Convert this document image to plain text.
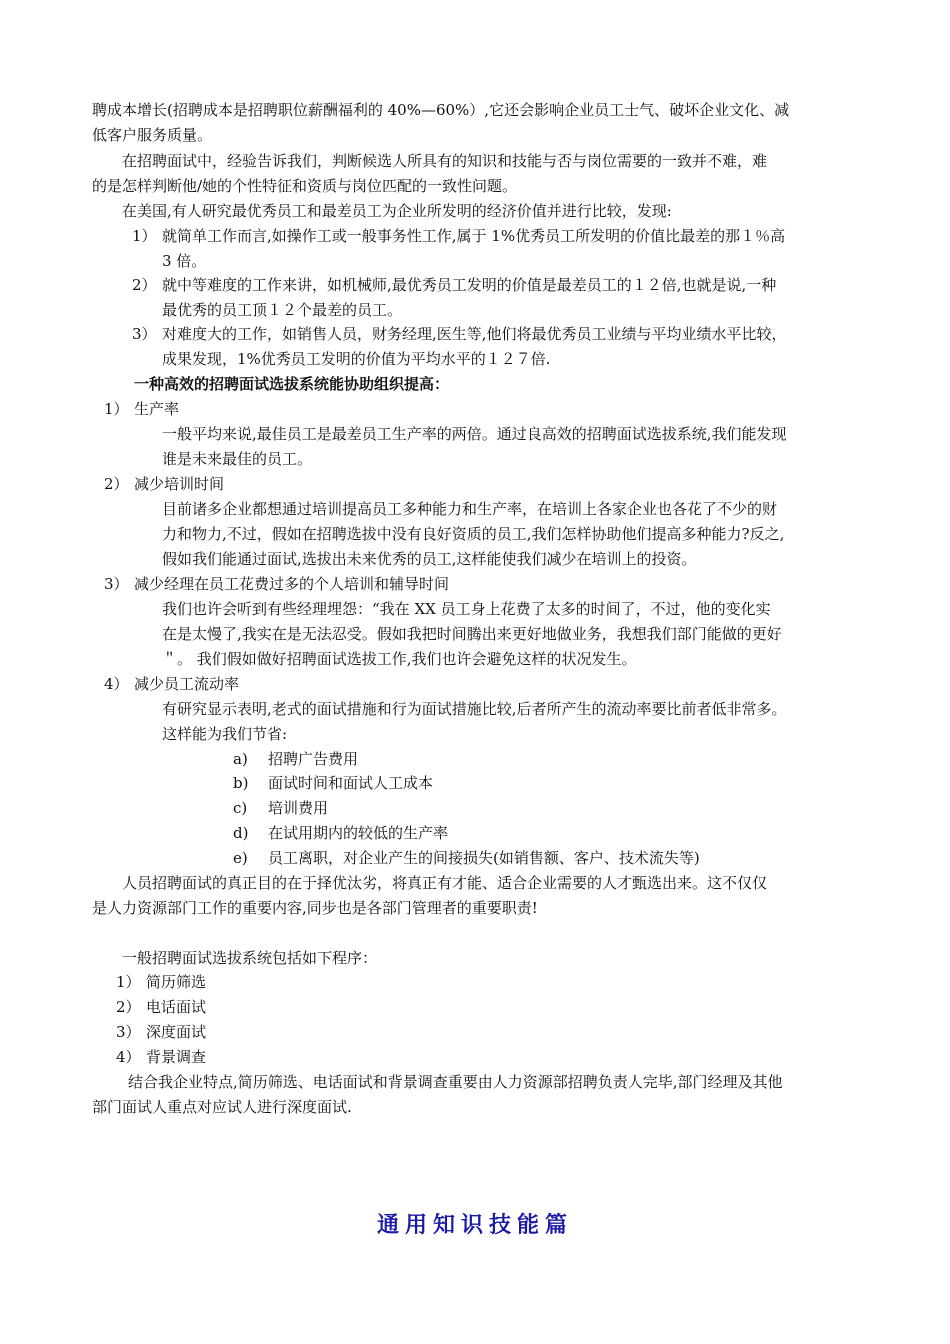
聘成本增长(招聘成本是招聘职位薪酬福利的 40%—60%）,它还会影响企业员工士气、破坏企业文化、减
低客户服务质量。
在招聘面试中，经验告诉我们，判断候选人所具有的知识和技能与否与岗位需要的一致并不难，难
的是怎样判断他/她的个性特征和资质与岗位匹配的一致性问题。
在美国,有人研究最优秀员工和最差员工为企业所发明的经济价值并进行比较，发现:
1） 就简单工作而言,如操作工或一般事务性工作,属于 1%优秀员工所发明的价值比最差的那１％高
3 倍。
2） 就中等难度的工作来讲，如机械师,最优秀员工发明的价值是最差员工的１２倍,也就是说,一种
最优秀的员工顶１２个最差的员工。
3） 对难度大的工作，如销售人员，财务经理,医生等,他们将最优秀员工业绩与平均业绩水平比较，
成果发现，1%优秀员工发明的价值为平均水平的１２７倍.
一种高效的招聘面试选拔系统能协助组织提高：
1） 生产率
一般平均来说,最佳员工是最差员工生产率的两倍。通过良高效的招聘面试选拔系统,我们能发现
谁是未来最佳的员工。
2） 减少培训时间
目前诸多企业都想通过培训提高员工多种能力和生产率，在培训上各家企业也各花了不少的财
力和物力,不过，假如在招聘选拔中没有良好资质的员工,我们怎样协助他们提高多种能力?反之,
假如我们能通过面试,选拔出未来优秀的员工,这样能使我们减少在培训上的投资。
3） 减少经理在员工花费过多的个人培训和辅导时间
我们也许会听到有些经理埋怨：“我在 XX 员工身上花费了太多的时间了，不过，他的变化实
在是太慢了,我实在是无法忍受。假如我把时间腾出来更好地做业务，我想我们部门能做的更好
＂。 我们假如做好招聘面试选拔工作,我们也许会避免这样的状况发生。
4） 减少员工流动率
有研究显示表明,老式的面试措施和行为面试措施比较,后者所产生的流动率要比前者低非常多。
这样能为我们节省:
a)	招聘广告费用
b)	面试时间和面试人工成本
c)	培训费用
d)	在试用期内的较低的生产率
e)	员工离职，对企业产生的间接损失(如销售额、客户、技术流失等)
人员招聘面试的真正目的在于择优汰劣，将真正有才能、适合企业需要的人才甄选出来。这不仅仅
是人力资源部门工作的重要内容,同步也是各部门管理者的重要职责!
一般招聘面试选拔系统包括如下程序：
1） 简历筛选
2） 电话面试
3） 深度面试
4） 背景调查
结合我企业特点,简历筛选、电话面试和背景调查重要由人力资源部招聘负责人完毕,部门经理及其他
部门面试人重点对应试人进行深度面试.
通用知识技能篇
